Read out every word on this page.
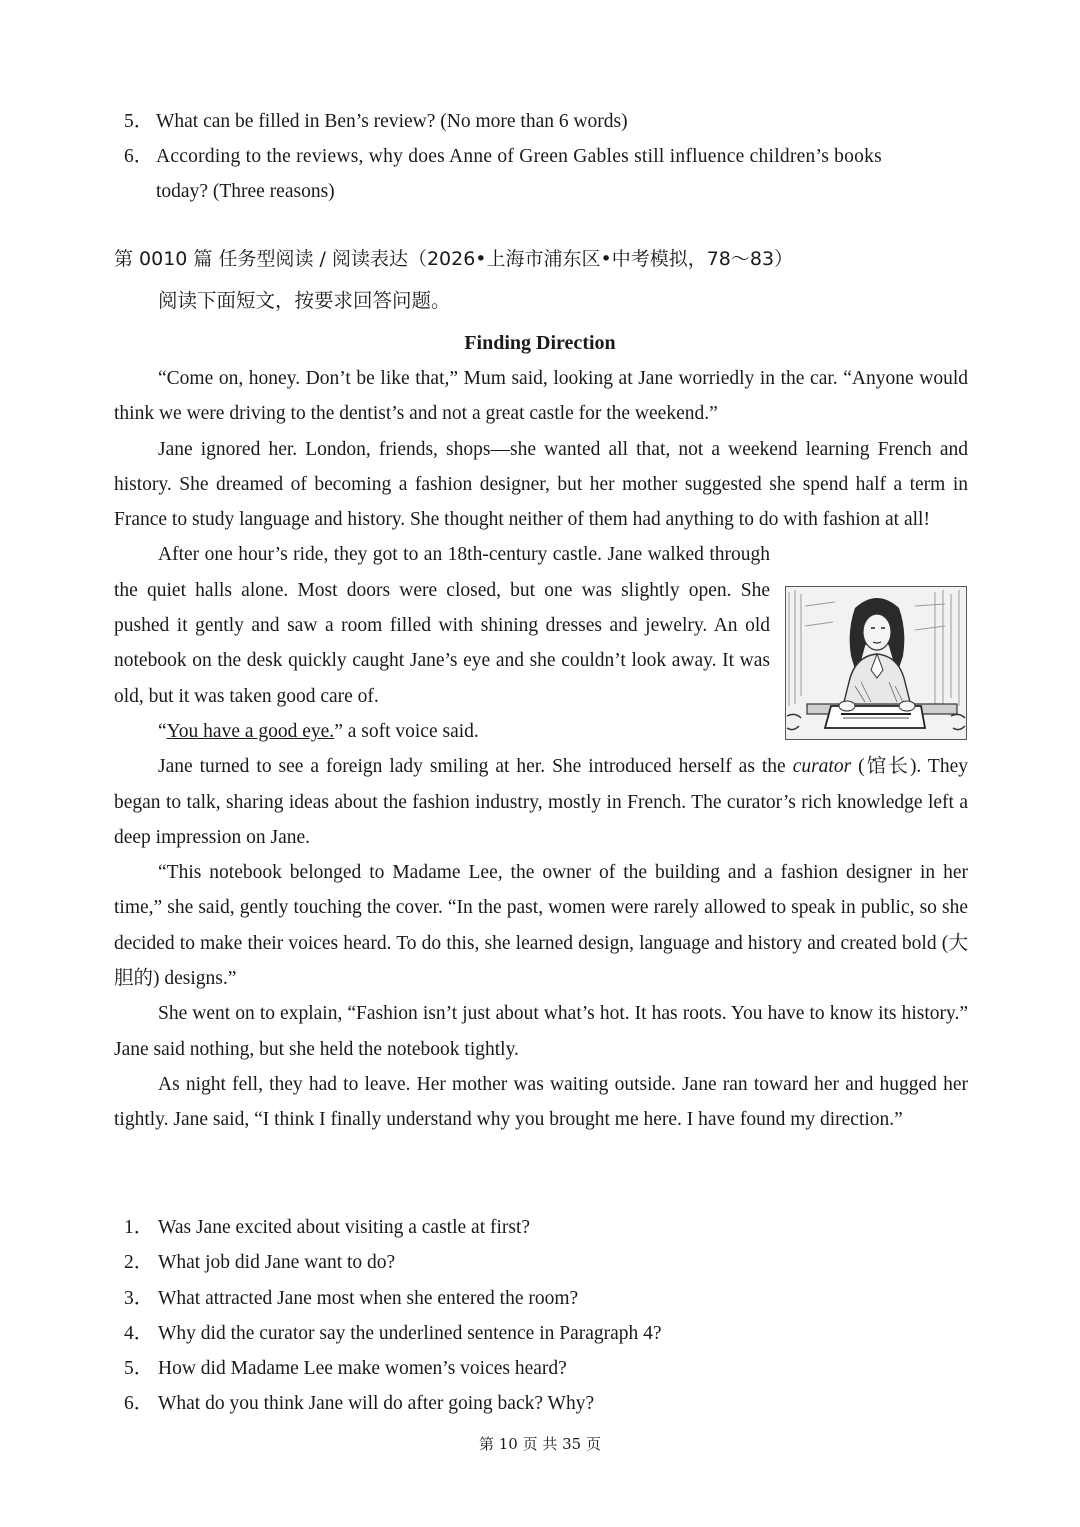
5． What can be filled in Ben’s review? (No more than 6 words)
6． According to the reviews, why does Anne of Green Gables still influence children’s books
today? (Three reasons)
第 0010 篇 任务型阅读 / 阅读表达（2026•上海市浦东区•中考模拟，78～83）
阅读下面短文，按要求回答问题。
Finding Direction

“Come on, honey. Don’t be like that,” Mum said, looking at Jane worriedly in the car. “Anyone would think we were driving to the dentist’s and not a great castle for the weekend.”

Jane ignored her. London, friends, shops—she wanted all that, not a weekend learning French and history. She dreamed of becoming a fashion designer, but her mother suggested she spend half a term in France to study language and history. She thought neither of them had anything to do with fashion at all!

After one hour’s ride, they got to an 18th-century castle. Jane walked through the quiet halls alone. Most doors were closed, but one was slightly open. She pushed it gently and saw a room filled with shining dresses and jewelry. An old notebook on the desk quickly caught Jane’s eye and she couldn’t look away. It was old, but it was taken good care of.

“You have a good eye.” a soft voice said.

Jane turned to see a foreign lady smiling at her. She introduced herself as the curator (馆长). They began to talk, sharing ideas about the fashion industry, mostly in French. The curator’s rich knowledge left a deep impression on Jane.

“This notebook belonged to Madame Lee, the owner of the building and a fashion designer in her time,” she said, gently touching the cover. “In the past, women were rarely allowed to speak in public, so she decided to make their voices heard. To do this, she learned design, language and history and created bold (大胆的) designs.”

She went on to explain, “Fashion isn’t just about what’s hot. It has roots. You have to know its history.” Jane said nothing, but she held the notebook tightly.

As night fell, they had to leave. Her mother was waiting outside. Jane ran toward her and hugged her tightly. Jane said, “I think I finally understand why you brought me here. I have found my direction.”

1． Was Jane excited about visiting a castle at first?
2． What job did Jane want to do?
3． What attracted Jane most when she entered the room?
4． Why did the curator say the underlined sentence in Paragraph 4?
5． How did Madame Lee make women’s voices heard?
6． What do you think Jane will do after going back? Why?
第 10 页 共 35 页
